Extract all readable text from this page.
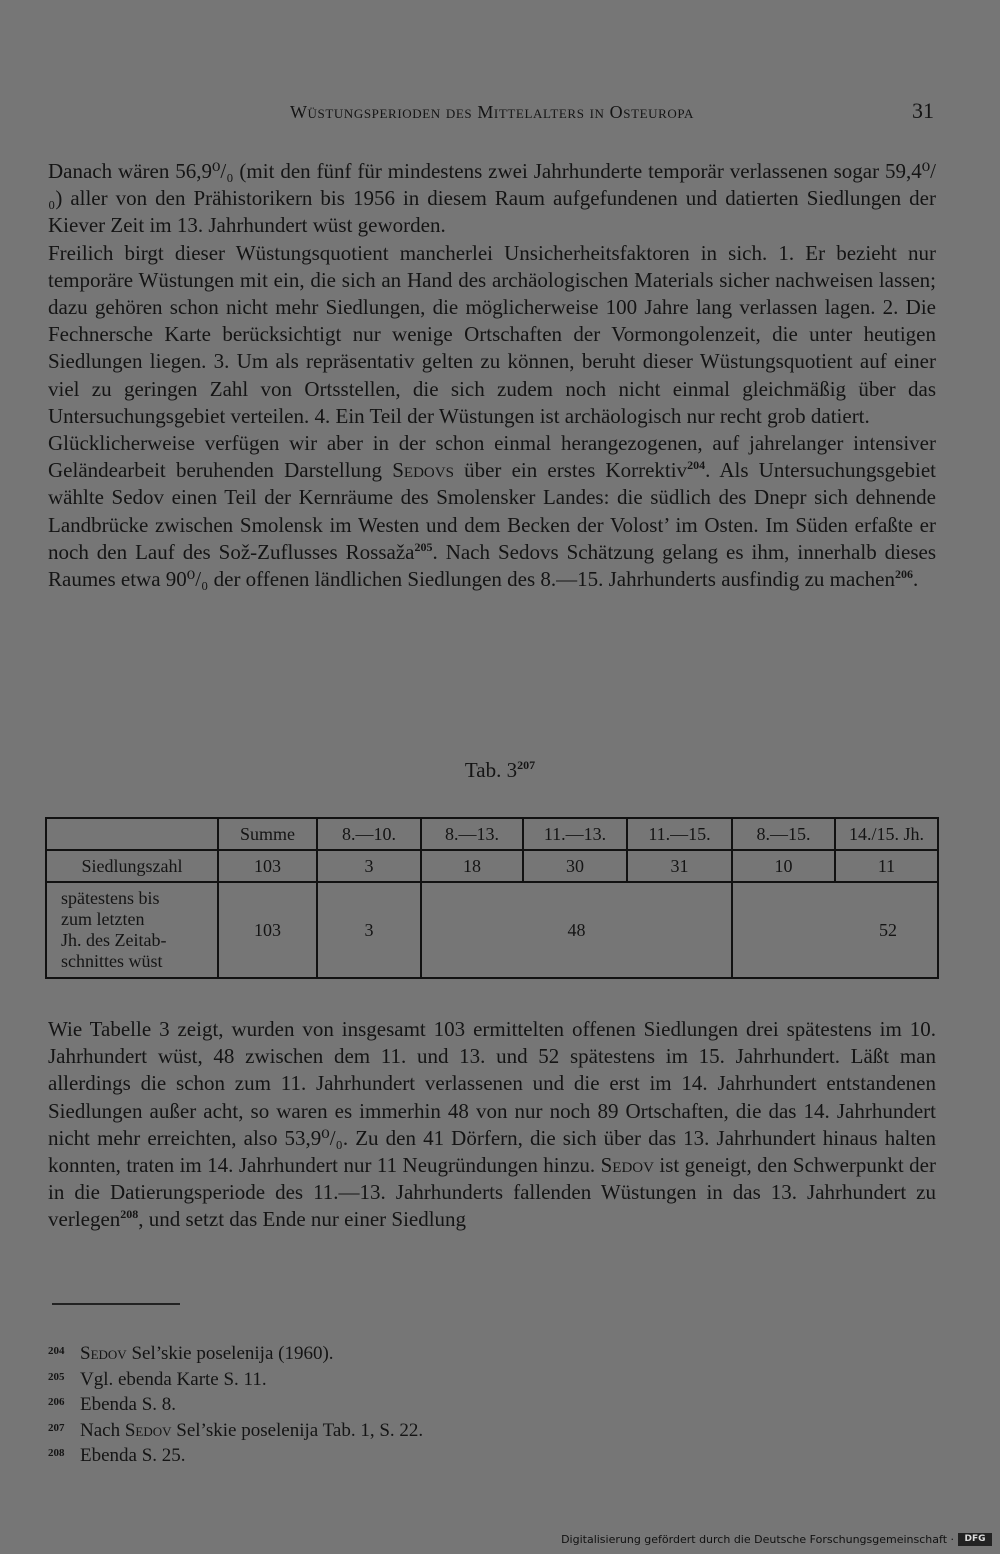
Wüstungsperioden des Mittelalters in Osteuropa	31

Danach wären 56,9⁰/₀ (mit den fünf für mindestens zwei Jahrhunderte temporär verlassenen sogar 59,4⁰/₀) aller von den Prähistorikern bis 1956 in diesem Raum aufgefundenen und datierten Siedlungen der Kiever Zeit im 13. Jahrhundert wüst geworden.

Freilich birgt dieser Wüstungsquotient mancherlei Unsicherheitsfaktoren in sich. 1. Er bezieht nur temporäre Wüstungen mit ein, die sich an Hand des archäologischen Materials sicher nachweisen lassen; dazu gehören schon nicht mehr Siedlungen, die möglicherweise 100 Jahre lang verlassen lagen. 2. Die Fechnersche Karte berücksichtigt nur wenige Ortschaften der Vormongolenzeit, die unter heutigen Siedlungen liegen. 3. Um als repräsentativ gelten zu können, beruht dieser Wüstungsquotient auf einer viel zu geringen Zahl von Ortsstellen, die sich zudem noch nicht einmal gleichmäßig über das Untersuchungsgebiet verteilen. 4. Ein Teil der Wüstungen ist archäologisch nur recht grob datiert.

Glücklicherweise verfügen wir aber in der schon einmal herangezogenen, auf jahrelanger intensiver Geländearbeit beruhenden Darstellung Sedovs über ein erstes Korrektiv$^{204}$. Als Untersuchungsgebiet wählte Sedov einen Teil der Kernräume des Smolensker Landes: die südlich des Dnepr sich dehnende Landbrücke zwischen Smolensk im Westen und dem Becken der Volost’ im Osten. Im Süden erfaßte er noch den Lauf des Sož-Zuflusses Rossaža$^{205}$. Nach Sedovs Schätzung gelang es ihm, innerhalb dieses Raumes etwa 90⁰/₀ der offenen ländlichen Siedlungen des 8.—15. Jahrhunderts ausfindig zu machen$^{206}$.

Tab. $3^{207}$
	Summe	8.—10.	8.—13.	11.—13.	11.—15.	8.—15.	14./15. Jh.
Siedlungszahl	103	3	18	30	31	10	11

spätestens bis
zum letzten
Jh. des Zeitab-
schnittes wüst	103	3	48			52	

Wie Tabelle 3 zeigt, wurden von insgesamt 103 ermittelten offenen Siedlungen drei spätestens im 10. Jahrhundert wüst, 48 zwischen dem 11. und 13. und 52 spätestens im 15. Jahrhundert. Läßt man allerdings die schon zum 11. Jahrhundert verlassenen und die erst im 14. Jahrhundert entstandenen Siedlungen außer acht, so waren es immerhin 48 von nur noch 89 Ortschaften, die das 14. Jahrhundert nicht mehr erreichten, also 53,9⁰/₀. Zu den 41 Dörfern, die sich über das 13. Jahrhundert hinaus halten konnten, traten im 14. Jahrhundert nur 11 Neugründungen hinzu. Sedov ist geneigt, den Schwerpunkt der in die Datierungsperiode des 11.—13. Jahrhunderts fallenden Wüstungen in das 13. Jahrhundert zu verlegen$^{208}$, und setzt das Ende nur einer Siedlung

204 Sedov Sel’skie poselenija (1960).

205 Vgl. ebenda Karte S. 11.

206 Ebenda S. 8.

207 Nach Sedov Sel’skie poselenija Tab. 1, S. 22.

208 Ebenda S. 25.

Digitalisierung gefördert durch die Deutsche Forschungsgemeinschaft ·	DFG
